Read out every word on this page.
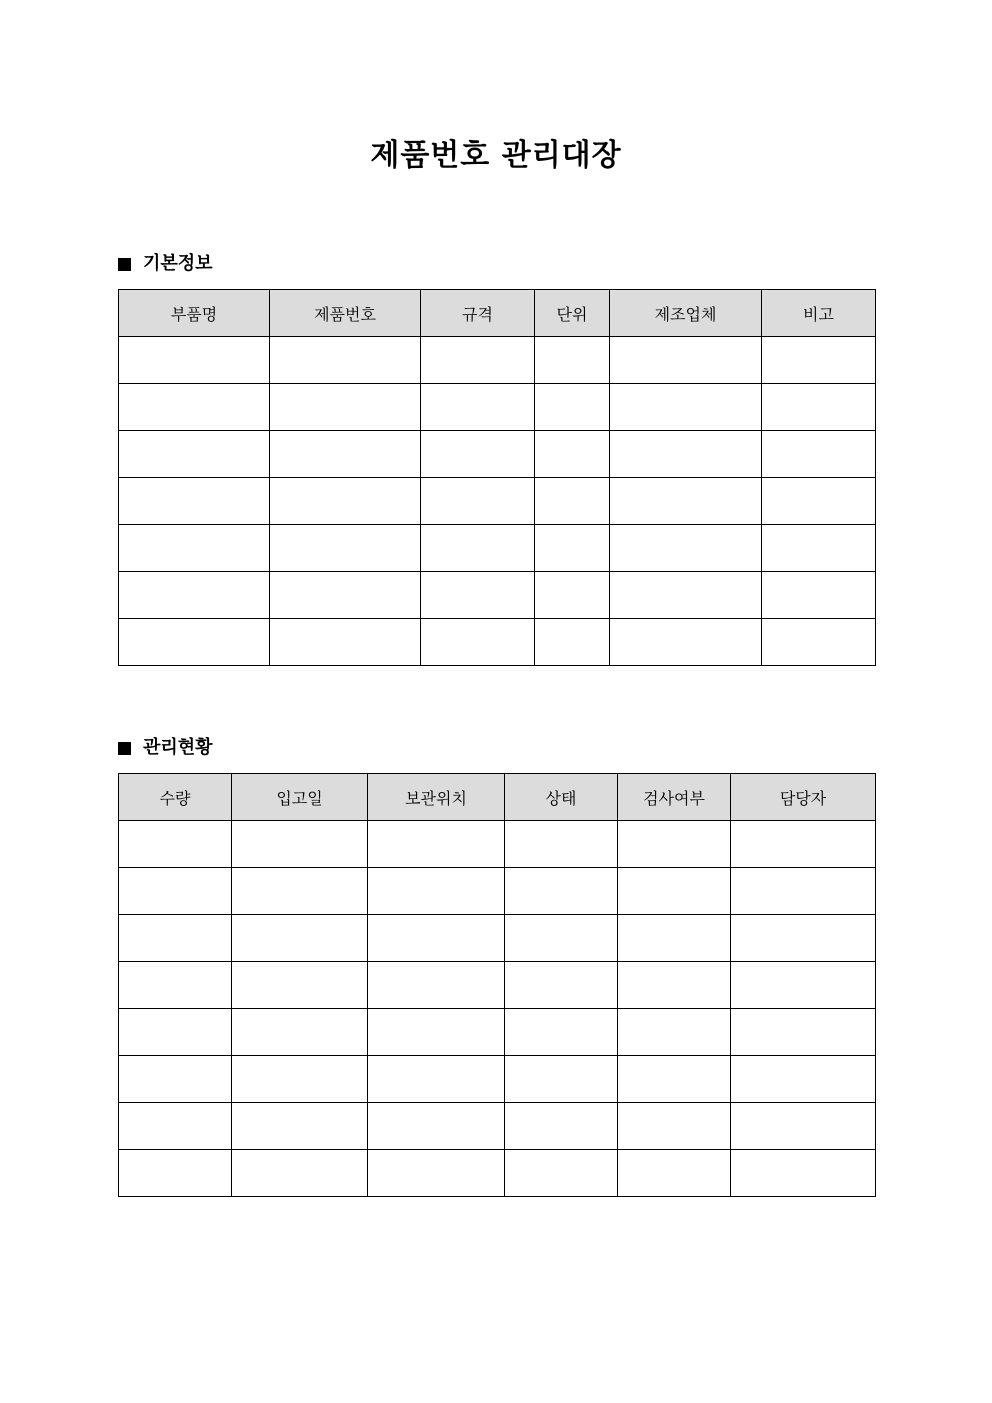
제품번호 관리대장
기본정보
부품명	제품번호	규격	단위	제조업체	비고

관리현황
수량	입고일	보관위치	상태	검사여부	담당자
